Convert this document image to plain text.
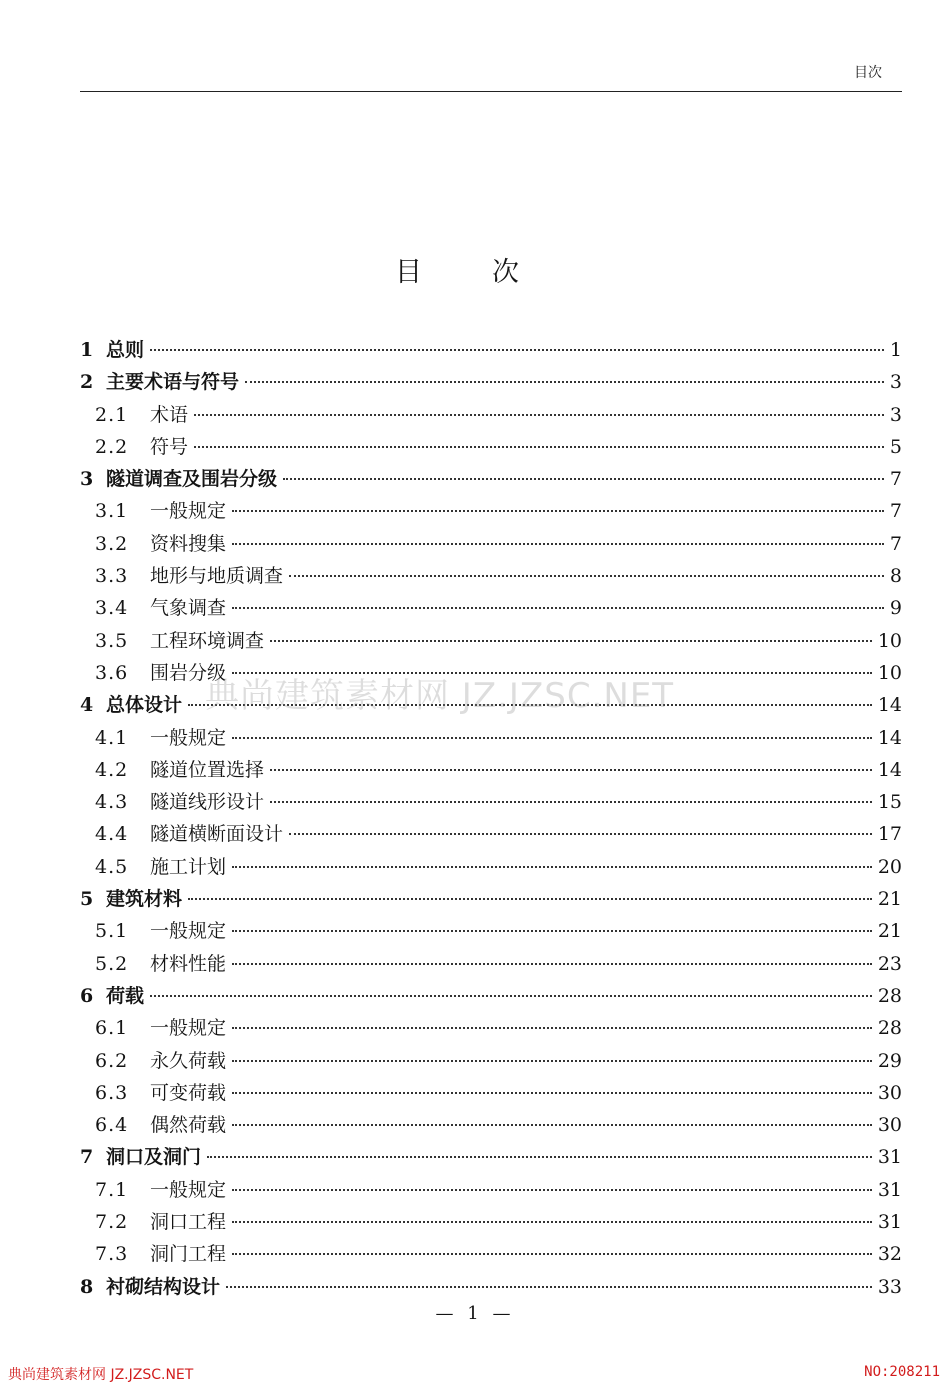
目次
目次
1 总则	1
2 主要术语与符号	3
2.1	术语	3
2.2	符号	5
3 隧道调查及围岩分级	7
3.1	一般规定	7
3.2	资料搜集	7
3.3	地形与地质调查	8
3.4	气象调查	9
3.5	工程环境调查	10
3.6	围岩分级	10
4 总体设计	14
4.1	一般规定	14
4.2	隧道位置选择	14
4.3	隧道线形设计	15
4.4	隧道横断面设计	17
4.5	施工计划	20
5 建筑材料	21
5.1	一般规定	21
5.2	材料性能	23
6 荷载	28
6.1	一般规定	28
6.2	永久荷载	29
6.3	可变荷载	30
6.4	偶然荷载	30
7 洞口及洞门	31
7.1	一般规定	31
7.2	洞口工程	31
7.3	洞门工程	32
8 衬砌结构设计	33
典尚建筑素材网 JZ.JZSC.NET
— 1 —
典尚建筑素材网 JZ.JZSC.NET	NO:208211
